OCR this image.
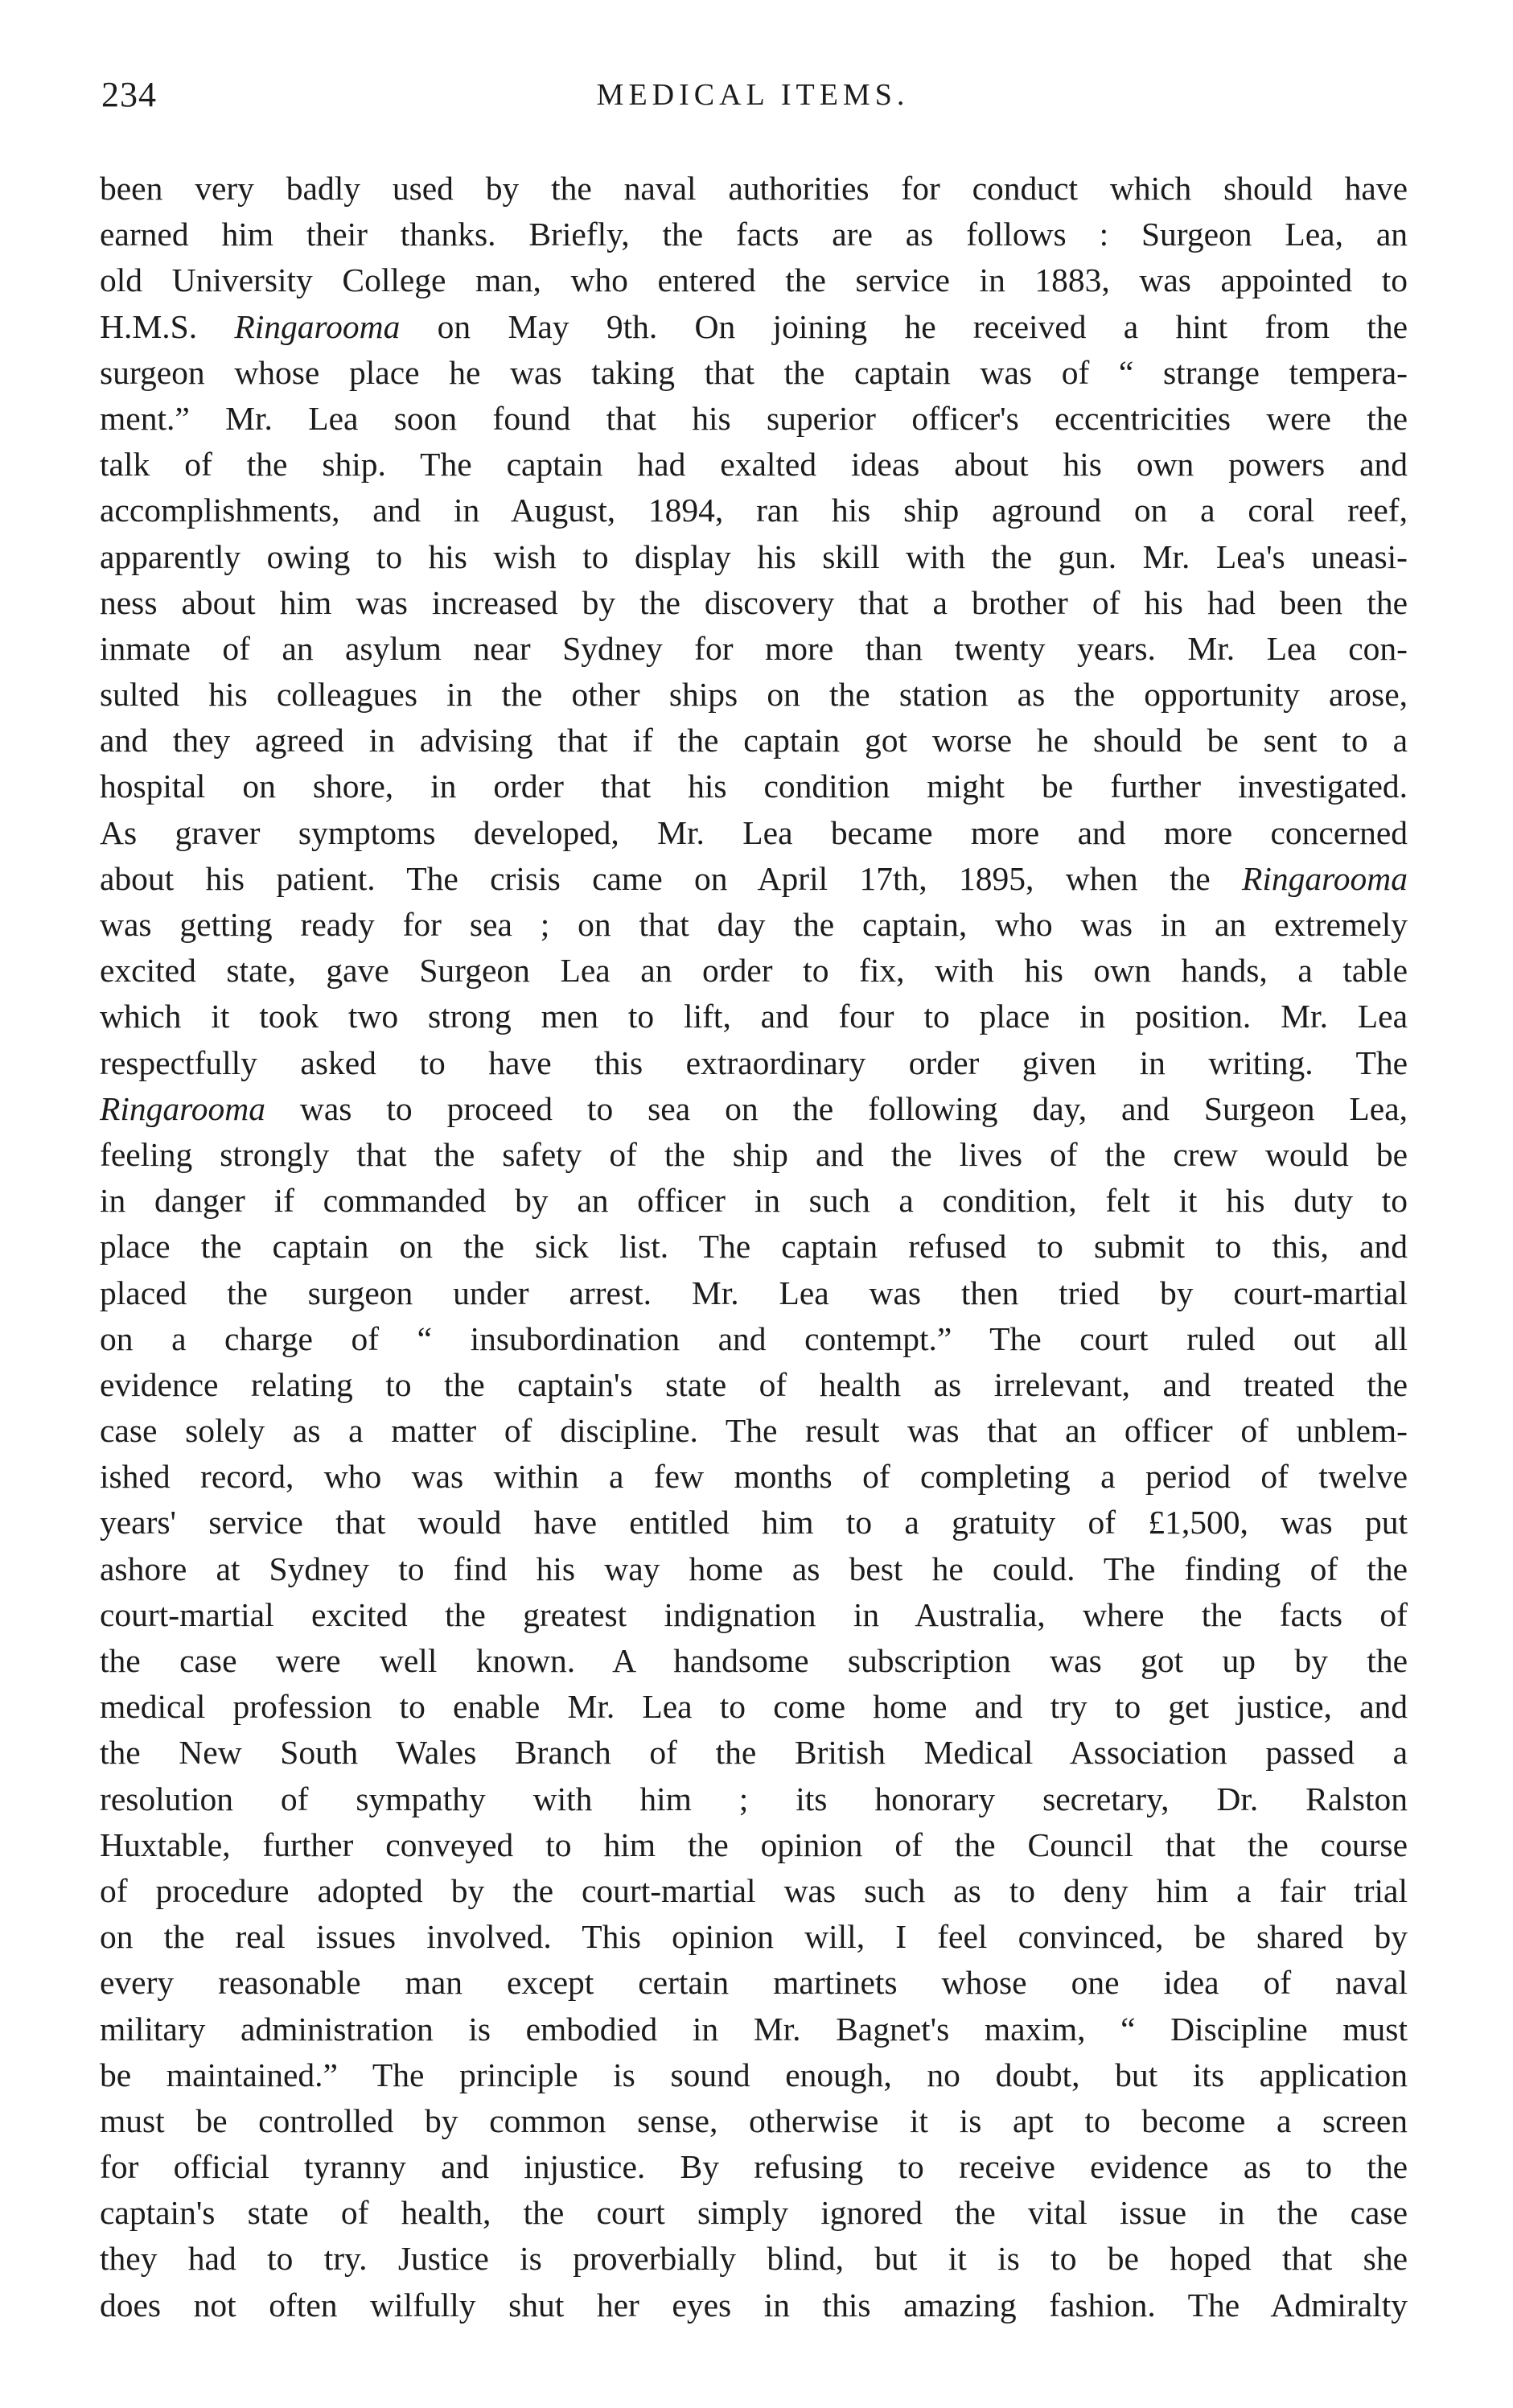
234	MEDICAL ITEMS.
been very badly used by the naval authorities for conduct which should have
earned him their thanks. Briefly, the facts are as follows : Surgeon Lea, an
old University College man, who entered the service in 1883, was appointed to
H.M.S. Ringarooma on May 9th. On joining he received a hint from the
surgeon whose place he was taking that the captain was of “ strange tempera-
ment.” Mr. Lea soon found that his superior officer's eccentricities were the
talk of the ship. The captain had exalted ideas about his own powers and
accomplishments, and in August, 1894, ran his ship aground on a coral reef,
apparently owing to his wish to display his skill with the gun. Mr. Lea's uneasi-
ness about him was increased by the discovery that a brother of his had been the
inmate of an asylum near Sydney for more than twenty years. Mr. Lea con-
sulted his colleagues in the other ships on the station as the opportunity arose,
and they agreed in advising that if the captain got worse he should be sent to a
hospital on shore, in order that his condition might be further investigated.
As graver symptoms developed, Mr. Lea became more and more concerned
about his patient. The crisis came on April 17th, 1895, when the Ringarooma
was getting ready for sea ; on that day the captain, who was in an extremely
excited state, gave Surgeon Lea an order to fix, with his own hands, a table
which it took two strong men to lift, and four to place in position. Mr. Lea
respectfully asked to have this extraordinary order given in writing. The
Ringarooma was to proceed to sea on the following day, and Surgeon Lea,
feeling strongly that the safety of the ship and the lives of the crew would be
in danger if commanded by an officer in such a condition, felt it his duty to
place the captain on the sick list. The captain refused to submit to this, and
placed the surgeon under arrest. Mr. Lea was then tried by court-martial
on a charge of “ insubordination and contempt.” The court ruled out all
evidence relating to the captain's state of health as irrelevant, and treated the
case solely as a matter of discipline. The result was that an officer of unblem-
ished record, who was within a few months of completing a period of twelve
years' service that would have entitled him to a gratuity of £1,500, was put
ashore at Sydney to find his way home as best he could. The finding of the
court-martial excited the greatest indignation in Australia, where the facts of
the case were well known. A handsome subscription was got up by the
medical profession to enable Mr. Lea to come home and try to get justice, and
the New South Wales Branch of the British Medical Association passed a
resolution of sympathy with him ; its honorary secretary, Dr. Ralston
Huxtable, further conveyed to him the opinion of the Council that the course
of procedure adopted by the court-martial was such as to deny him a fair trial
on the real issues involved. This opinion will, I feel convinced, be shared by
every reasonable man except certain martinets whose one idea of naval
military administration is embodied in Mr. Bagnet's maxim, “ Discipline must
be maintained.” The principle is sound enough, no doubt, but its application
must be controlled by common sense, otherwise it is apt to become a screen
for official tyranny and injustice. By refusing to receive evidence as to the
captain's state of health, the court simply ignored the vital issue in the case
they had to try. Justice is proverbially blind, but it is to be hoped that she
does not often wilfully shut her eyes in this amazing fashion. The Admiralty
